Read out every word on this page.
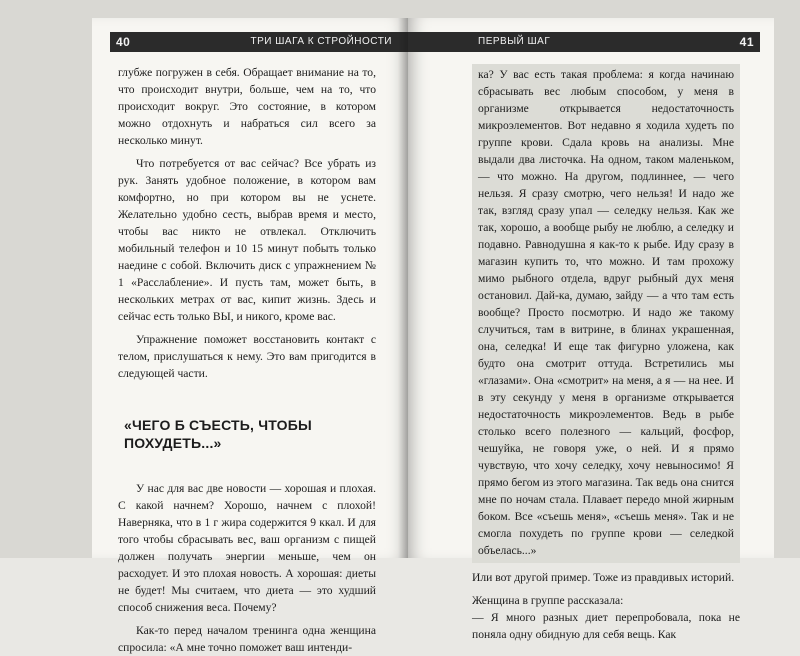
40	ТРИ ШАГА К СТРОЙНОСТИ

глубже погружен в себя. Обращает внимание на то, что происходит внутри, больше, чем на то, что происходит вокруг. Это состояние, в котором можно отдохнуть и набраться сил всего за несколько минут.

Что потребуется от вас сейчас? Все убрать из рук. Занять удобное положение, в котором вам комфортно, но при котором вы не уснете. Желательно удобно сесть, выбрав время и место, чтобы вас никто не отвлекал. Отключить мобильный телефон и 10 15 минут побыть только наедине с собой. Включить диск с упражнением № 1 «Расслабление». И пусть там, может быть, в нескольких метрах от вас, кипит жизнь. Здесь и сейчас есть только ВЫ, и никого, кроме вас.

Упражнение поможет восстановить контакт с телом, прислушаться к нему. Это вам пригодится в следующей части.

«ЧЕГО Б СЪЕСТЬ, ЧТОБЫ ПОХУДЕТЬ...»

У нас для вас две новости — хорошая и плохая. С какой начнем? Хорошо, начнем с плохой! Наверняка, что в 1 г жира содержится 9 ккал. И для того чтобы сбрасывать вес, ваш организм с пищей должен получать энергии меньше, чем он расходует. И это плохая новость. А хорошая: диеты не будет! Мы считаем, что диета — это худший способ снижения веса. Почему?

Как-то перед началом тренинга одна женщина спросила: «А мне точно поможет ваш интенди-

ПЕРВЫЙ ШАГ	41

ка? У вас есть такая проблема: я когда начинаю сбрасывать вес любым способом, у меня в организме открывается недостаточность микроэлементов. Вот недавно я ходила худеть по группе крови. Сдала кровь на анализы. Мне выдали два листочка. На одном, таком маленьком, — что можно. На другом, подлиннее, — чего нельзя. Я сразу смотрю, чего нельзя! И надо же так, взгляд сразу упал — селедку нельзя. Как же так, хорошо, а вообще рыбу не люблю, а селедку и подавно. Равнодушна я как-то к рыбе. Иду сразу в магазин купить то, что можно. И там прохожу мимо рыбного отдела, вдруг рыбный дух меня остановил. Дай-ка, думаю, зайду — а что там есть вообще? Просто посмотрю. И надо же такому случиться, там в витрине, в блинах украшенная, она, селедка! И еще так фигурно уложена, как будто она смотрит оттуда. Встретились мы «глазами». Она «смотрит» на меня, а я — на нее. И в эту секунду у меня в организме открывается недостаточность микроэлементов. Ведь в рыбе столько всего полезного — кальций, фосфор, чешуйка, не говоря уже, о ней. И я прямо чувствую, что хочу селедку, хочу невыносимо! Я прямо бегом из этого магазина. Так ведь она снится мне по ночам стала. Плавает передо мной жирным боком. Все «съешь меня», «съешь меня». Так и не смогла похудеть по группе крови — селедкой объелась...»

Или вот другой пример. Тоже из правдивых историй.

Женщина в группе рассказала:

— Я много разных диет перепробовала, пока не поняла одну обидную для себя вещь. Как
